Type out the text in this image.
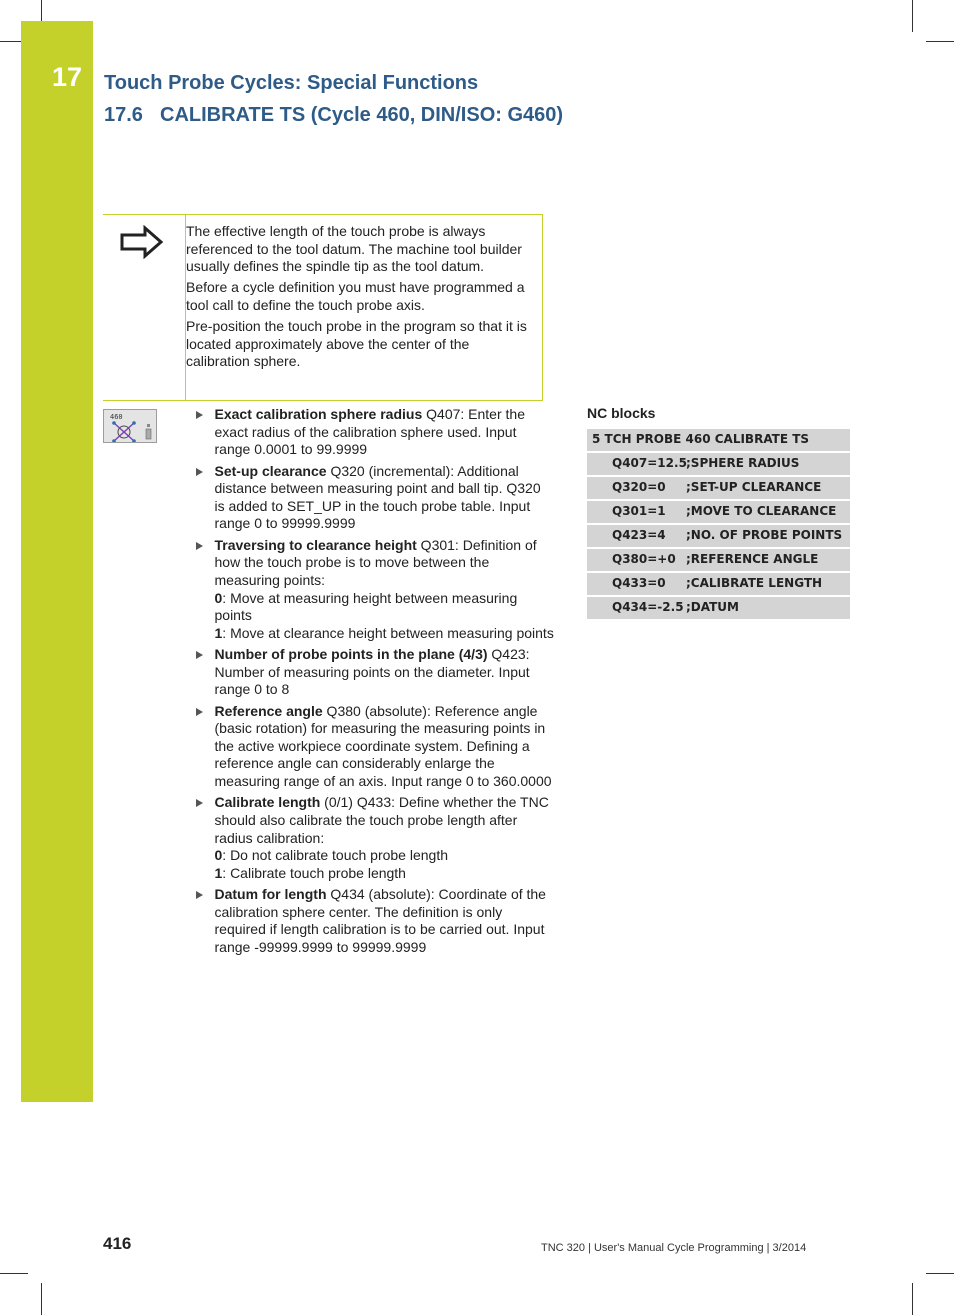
17 Touch Probe Cycles: Special Functions
17.6 CALIBRATE TS (Cycle 460, DIN/ISO: G460)

The effective length of the touch probe is always referenced to the tool datum. The machine tool builder usually defines the spindle tip as the tool datum.

Before a cycle definition you must have programmed a tool call to define the touch probe axis.

Pre-position the touch probe in the program so that it is located approximately above the center of the calibration sphere.

460	Exact calibration sphere radius Q407: Enter the exact radius of the calibration sphere used. Input range 0.0001 to 99.9999
Set-up clearance Q320 (incremental): Additional distance between measuring point and ball tip. Q320 is added to SET_UP in the touch probe table. Input range 0 to 99999.9999
Traversing to clearance height Q301: Definition of how the touch probe is to move between the measuring points:
0: Move at measuring height between measuring points
1: Move at clearance height between measuring points
Number of probe points in the plane (4/3) Q423: Number of measuring points on the diameter. Input range 0 to 8
Reference angle Q380 (absolute): Reference angle (basic rotation) for measuring the measuring points in the active workpiece coordinate system. Defining a reference angle can considerably enlarge the measuring range of an axis. Input range 0 to 360.0000
Calibrate length (0/1) Q433: Define whether the TNC should also calibrate the touch probe length after radius calibration:
0: Do not calibrate touch probe length
1: Calibrate touch probe length
Datum for length Q434 (absolute): Coordinate of the calibration sphere center. The definition is only required if length calibration is to be carried out. Input range -99999.9999 to 99999.9999
NC blocks
5 TCH PROBE 460 CALIBRATE TS
Q407=12.5 ;SPHERE RADIUS
Q320=0 ;SET-UP CLEARANCE
Q301=1 ;MOVE TO CLEARANCE
Q423=4 ;NO. OF PROBE POINTS
Q380=+0 ;REFERENCE ANGLE
Q433=0 ;CALIBRATE LENGTH
Q434=-2.5 ;DATUM
416	TNC 320 | User's Manual Cycle Programming | 3/2014
